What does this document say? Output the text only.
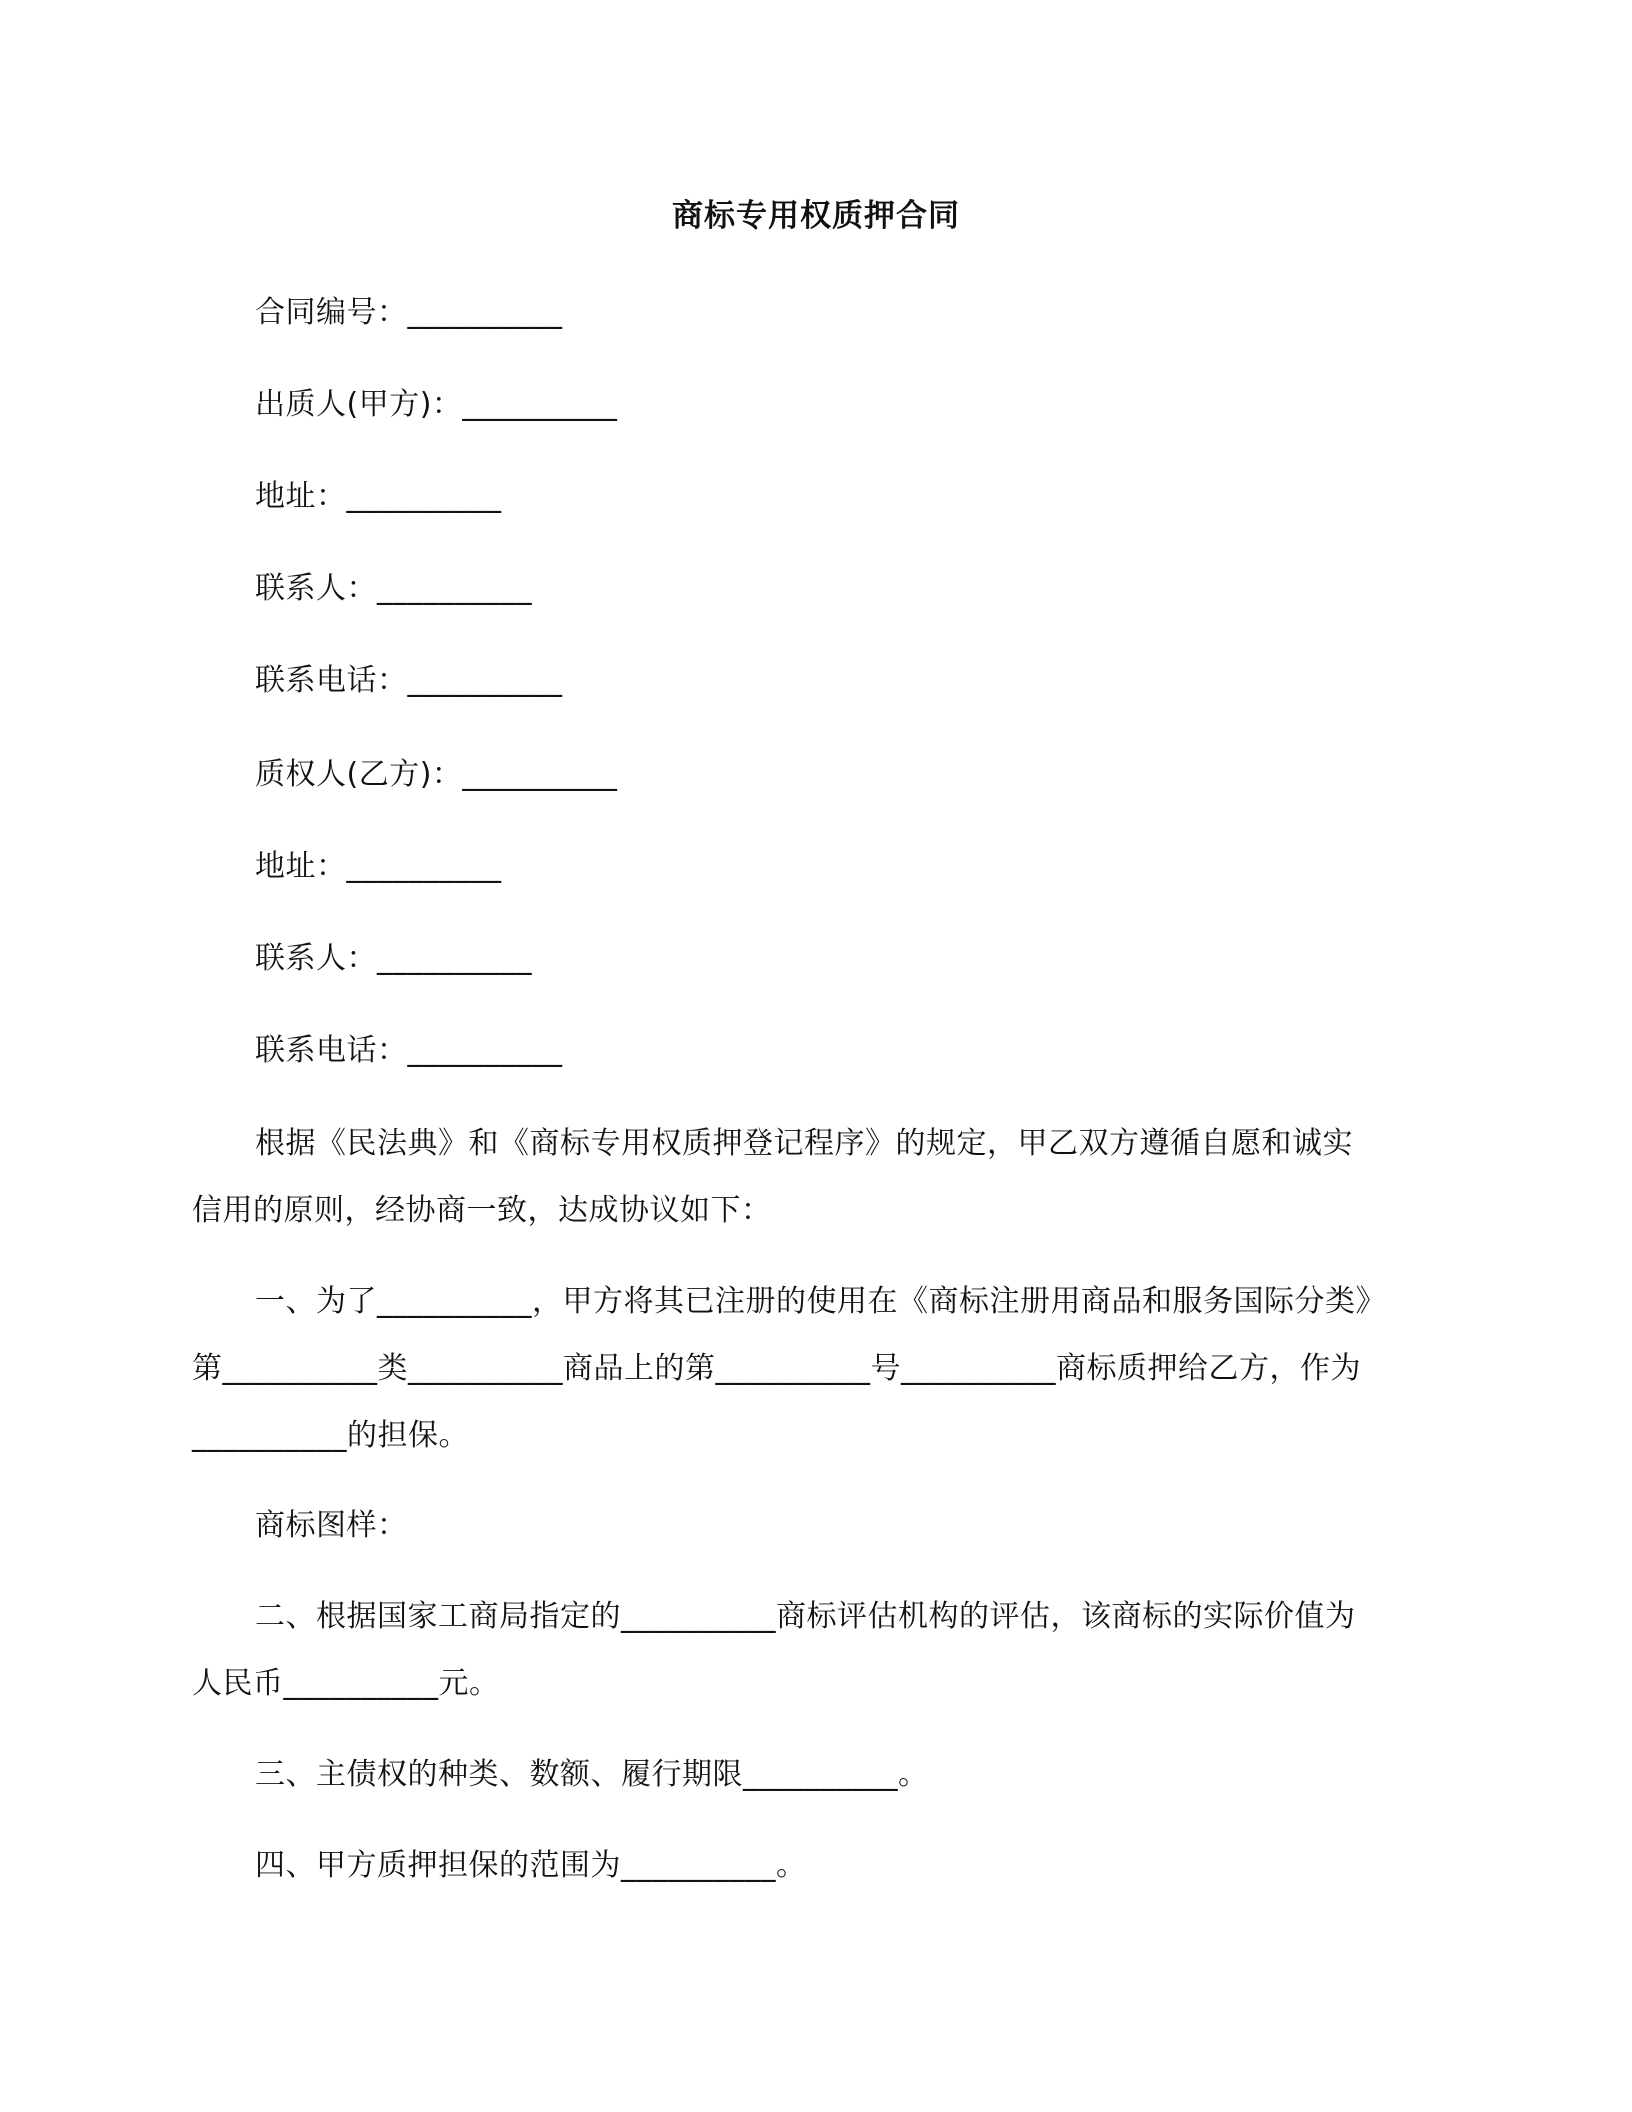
商标专用权质押合同
合同编号：__________
出质人(甲方)：__________
地址：__________
联系人：__________
联系电话：__________
质权人(乙方)：__________
地址：__________
联系人：__________
联系电话：__________
根据《民法典》和《商标专用权质押登记程序》的规定，甲乙双方遵循自愿和诚实
信用的原则，经协商一致，达成协议如下：
一、为了__________，甲方将其已注册的使用在《商标注册用商品和服务国际分类》
第__________类__________商品上的第__________号__________商标质押给乙方，作为
__________的担保。
商标图样：
二、根据国家工商局指定的__________商标评估机构的评估，该商标的实际价值为
人民币__________元。
三、主债权的种类、数额、履行期限__________。
四、甲方质押担保的范围为__________。
